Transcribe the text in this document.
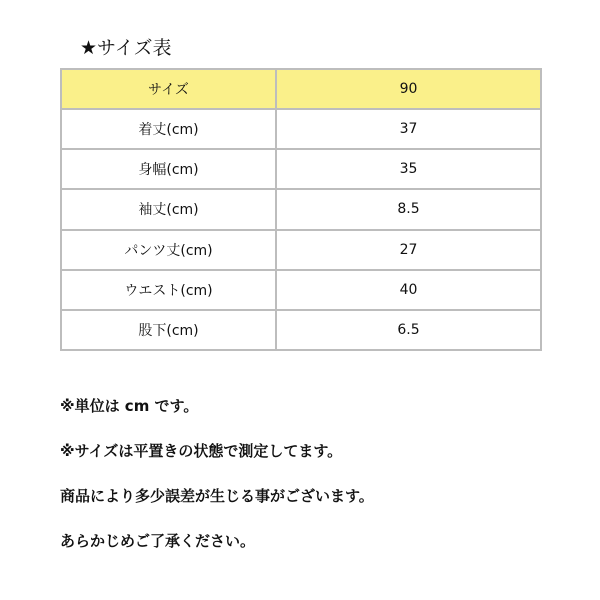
★サイズ表
サイズ	90
着丈(cm)	37
身幅(cm)	35
袖丈(cm)	8.5
パンツ丈(cm)	27
ウエスト(cm)	40
股下(cm)	6.5

※単位は cm です。

※サイズは平置きの状態で測定してます。

商品により多少誤差が生じる事がございます。

あらかじめご了承ください。
